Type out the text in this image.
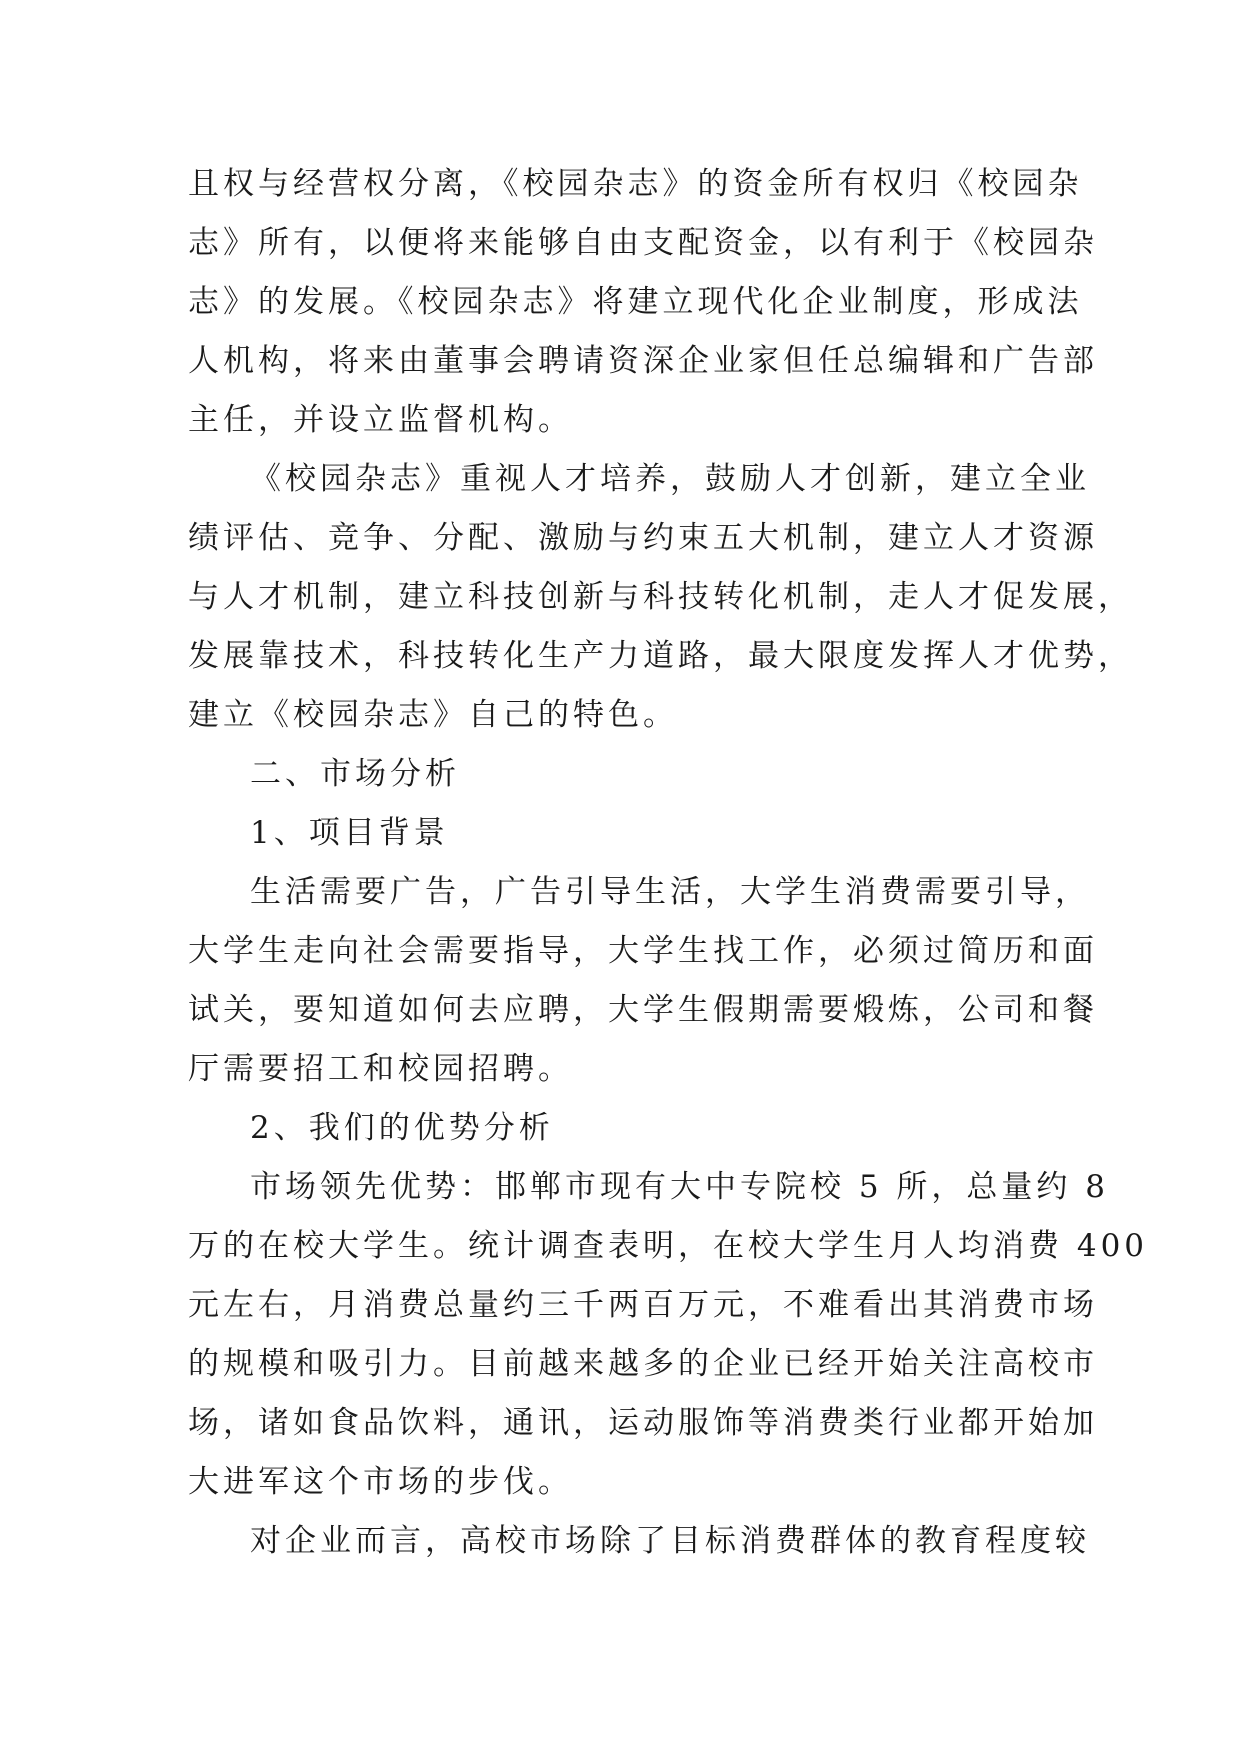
且权与经营权分离，《校园杂志》的资金所有权归《校园杂
志》所有，以便将来能够自由支配资金，以有利于《校园杂
志》的发展。《校园杂志》将建立现代化企业制度，形成法
人机构，将来由董事会聘请资深企业家但任总编辑和广告部
主任，并设立监督机构。
《校园杂志》重视人才培养，鼓励人才创新，建立全业
绩评估、竞争、分配、激励与约束五大机制，建立人才资源
与人才机制，建立科技创新与科技转化机制，走人才促发展，
发展靠技术，科技转化生产力道路，最大限度发挥人才优势，
建立《校园杂志》自己的特色。
二、市场分析
1、项目背景
生活需要广告，广告引导生活，大学生消费需要引导，
大学生走向社会需要指导，大学生找工作，必须过简历和面
试关，要知道如何去应聘，大学生假期需要煅炼，公司和餐
厅需要招工和校园招聘。
2、我们的优势分析
市场领先优势：邯郸市现有大中专院校 5 所，总量约 8
万的在校大学生。统计调查表明，在校大学生月人均消费 400
元左右，月消费总量约三千两百万元，不难看出其消费市场
的规模和吸引力。目前越来越多的企业已经开始关注高校市
场，诸如食品饮料，通讯，运动服饰等消费类行业都开始加
大进军这个市场的步伐。
对企业而言，高校市场除了目标消费群体的教育程度较
